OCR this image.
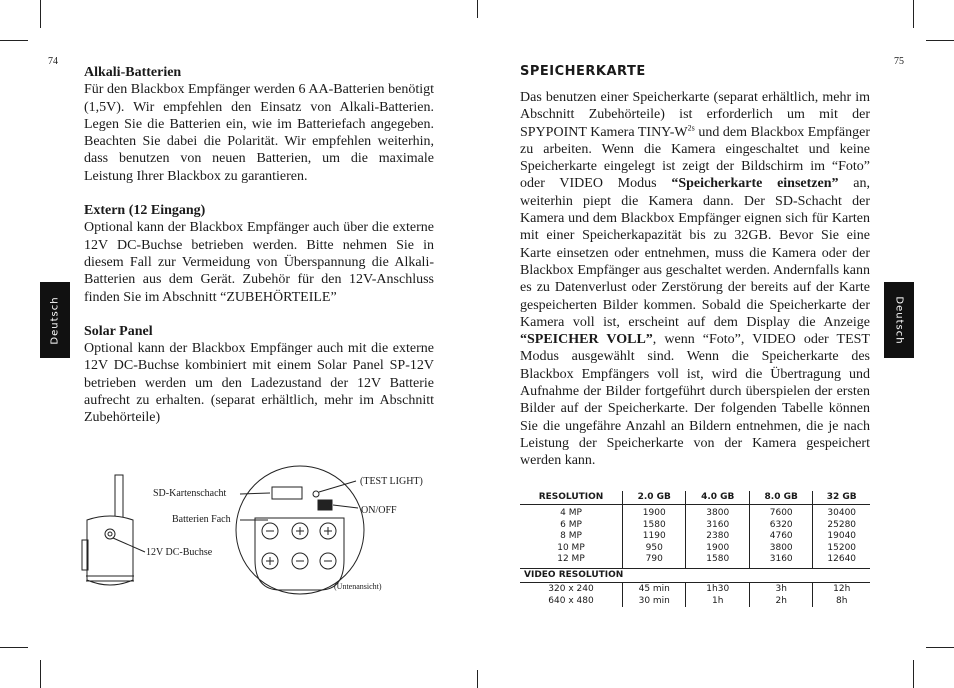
74	75
Deutsch	Deutsch
Alkali-Batterien

Für den Blackbox Empfänger werden 6 AA-Batterien benötigt (1,5V). Wir empfehlen den Einsatz von Alkali-Batterien. Legen Sie die Batterien ein, wie im Batteriefach angegeben. Beachten Sie dabei die Polarität. Wir empfehlen weiterhin, dass benutzen von neuen Batterien, um die maximale Leistung Ihrer Blackbox zu garantieren.

Extern (12 Eingang)

Optional kann der Blackbox Empfänger auch über die externe 12V DC-Buchse betrieben werden. Bitte nehmen Sie in diesem Fall zur Vermeidung von Überspannung die Alkali-Batterien aus dem Gerät. Zubehör für den 12V-Anschluss finden Sie im Abschnitt “ZUBEHÖRTEILE”

Solar Panel

Optional kann der Blackbox Empfänger auch mit die externe 12V DC-Buchse kombiniert mit einem Solar Panel SP-12V betrieben werden um den Ladezustand der 12V Batterie aufrecht zu erhalten. (separat erhältlich, mehr im Abschnitt Zubehörteile)

SD-Kartenschacht
Batterien Fach
12V DC-Buchse
(TEST LIGHT)
ON/OFF
(Untenansicht)
SPEICHERKARTE

Das benutzen einer Speicherkarte (separat erhältlich, mehr im Abschnitt Zubehörteile) ist erforderlich um mit der SPYPOINT Kamera TINY-$W^{2s}$ und dem Blackbox Empfänger zu arbeiten. Wenn die Kamera eingeschaltet und keine Speicherkarte eingelegt ist zeigt der Bildschirm im “Foto” oder VIDEO Modus “Speicherkarte einsetzen” an, weiterhin piept die Kamera dann. Der SD-Schacht der Kamera und dem Blackbox Empfänger eignen sich für Karten mit einer Speicherkapazität bis zu 32GB. Bevor Sie eine Karte einsetzen oder entnehmen, muss die Kamera oder der Blackbox Empfänger aus geschaltet werden. Andernfalls kann es zu Datenverlust oder Zerstörung der bereits auf der Karte gespeicherten Bilder kommen. Sobald die Speicherkarte der Kamera voll ist, erscheint auf dem Display die Anzeige “SPEICHER VOLL”, wenn “Foto”, VIDEO oder TEST Modus ausgewählt sind. Wenn die Speicherkarte des Blackbox Empfängers voll ist, wird die Übertragung und Aufnahme der Bilder fortgeführt durch überspielen der ersten Bilder auf der Speicherkarte. Der folgenden Tabelle können Sie die ungefähre Anzahl an Bildern entnehmen, die je nach Leistung der Speicherkarte von der Kamera gespeichert werden kann.

RESOLUTION	2.0 GB	4.0 GB	8.0 GB	32 GB
4 MP	1900	3800	7600	30400
6 MP	1580	3160	6320	25280
8 MP	1190	2380	4760	19040
10 MP	950	1900	3800	15200
12 MP	790	1580	3160	12640
VIDEO RESOLUTION				
320 x 240	45 min	1h30	3h	12h
640 x 480	30 min	1h	2h	8h
